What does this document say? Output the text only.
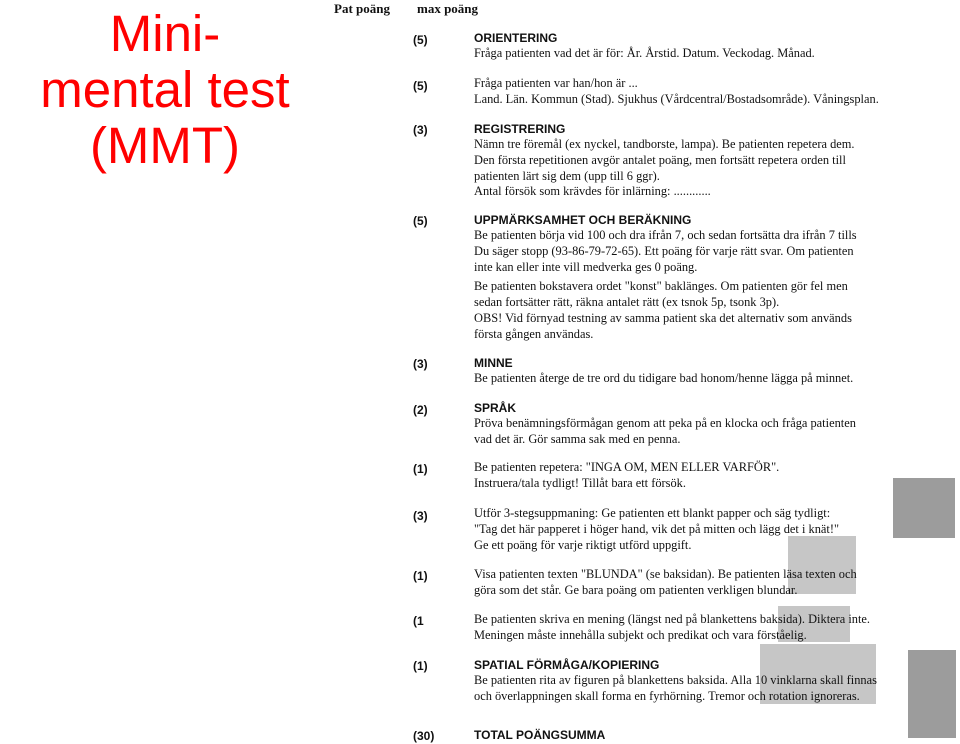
Mini-
mental test
(MMT)
Pat poäng max poäng
(5)	ORIENTERING
Fråga patienten vad det är för: År. Årstid. Datum. Veckodag. Månad.
(5)	Fråga patienten var han/hon är ...
Land. Län. Kommun (Stad). Sjukhus (Vårdcentral/Bostadsområde). Våningsplan.
(3)	REGISTRERING
Nämn tre föremål (ex nyckel, tandborste, lampa). Be patienten repetera dem.
Den första repetitionen avgör antalet poäng, men fortsätt repetera orden till
patienten lärt sig dem (upp till 6 ggr).
Antal försök som krävdes för inlärning: ............
(5)	UPPMÄRKSAMHET OCH BERÄKNING
Be patienten börja vid 100 och dra ifrån 7, och sedan fortsätta dra ifrån 7 tills
Du säger stopp (93-86-79-72-65). Ett poäng för varje rätt svar. Om patienten
inte kan eller inte vill medverka ges 0 poäng.
Be patienten bokstavera ordet "konst" baklänges. Om patienten gör fel men
sedan fortsätter rätt, räkna antalet rätt (ex tsnok 5p, tsonk 3p).
OBS! Vid förnyad testning av samma patient ska det alternativ som används
första gången användas.
(3)	MINNE
Be patienten återge de tre ord du tidigare bad honom/henne lägga på minnet.
(2)	SPRÅK
Pröva benämningsförmågan genom att peka på en klocka och fråga patienten
vad det är. Gör samma sak med en penna.
(1)	Be patienten repetera: "INGA OM, MEN ELLER VARFÖR".
Instruera/tala tydligt! Tillåt bara ett försök.
(3)	Utför 3-stegsuppmaning: Ge patienten ett blankt papper och säg tydligt:
"Tag det här papperet i höger hand, vik det på mitten och lägg det i knät!"
Ge ett poäng för varje riktigt utförd uppgift.
(1)	Visa patienten texten "BLUNDA" (se baksidan). Be patienten läsa texten och
göra som det står. Ge bara poäng om patienten verkligen blundar.
(1	Be patienten skriva en mening (längst ned på blankettens baksida). Diktera inte.
Meningen måste innehålla subjekt och predikat och vara förståelig.
(1)	SPATIAL FÖRMÅGA/KOPIERING
Be patienten rita av figuren på blankettens baksida. Alla 10 vinklarna skall finnas
och överlappningen skall forma en fyrhörning. Tremor och rotation ignoreras.
(30)	TOTAL POÄNGSUMMA
